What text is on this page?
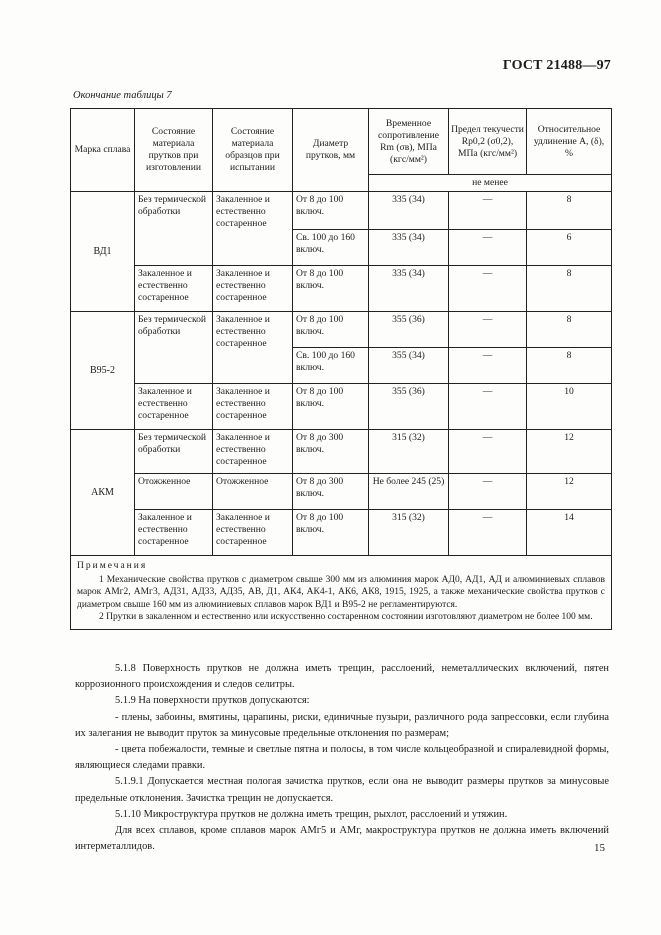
ГОСТ 21488—97
Окончание таблицы 7
Марка сплава	Состояние материала прутков при изготовлении	Состояние материала образцов при испытании	Диаметр прутков, мм	Временное сопротивление Rm (σв), МПа (кгс/мм²)	Предел текучести Rp0,2 (σ0,2), МПа (кгс/мм²)	Относительное удлинение A, (δ), %
				не менее		
ВД1	Без термической обработки	Закаленное и естественно состаренное	От 8 до 100 включ.	335 (34)	—	8
			Св. 100 до 160 включ.	335 (34)	—	6
	Закаленное и естественно состаренное	Закаленное и естественно состаренное	От 8 до 100 включ.	335 (34)	—	8
В95-2	Без термической обработки	Закаленное и естественно состаренное	От 8 до 100 включ.	355 (36)	—	8
			Св. 100 до 160 включ.	355 (34)	—	8
	Закаленное и естественно состаренное	Закаленное и естественно состаренное	От 8 до 100 включ.	355 (36)	—	10
АКМ	Без термической обработки	Закаленное и естественно состаренное	От 8 до 300 включ.	315 (32)	—	12
	Отожженное	Отожженное	От 8 до 300 включ.	Не более 245 (25)	—	12
	Закаленное и естественно состаренное	Закаленное и естественно состаренное	От 8 до 100 включ.	315 (32)	—	14

Примечания
1 Механические свойства прутков с диаметром свыше 300 мм из алюминия марок АД0, АД1, АД и алюминиевых сплавов марок АМг2, АМг3, АД31, АД33, АД35, АВ, Д1, АК4, АК4-1, АК6, АК8, 1915, 1925, а также механические свойства прутков с диаметром свыше 160 мм из алюминиевых сплавов марок ВД1 и В95-2 не регламентируются.
2 Прутки в закаленном и естественно или искусственно состаренном состоянии изготовляют диаметром не более 100 мм.						

5.1.8 Поверхность прутков не должна иметь трещин, расслоений, неметаллических включений, пятен коррозионного происхождения и следов селитры.

5.1.9 На поверхности прутков допускаются:

- плены, забоины, вмятины, царапины, риски, единичные пузыри, различного рода запрессовки, если глубина их залегания не выводит пруток за минусовые предельные отклонения по размерам;

- цвета побежалости, темные и светлые пятна и полосы, в том числе кольцеобразной и спиралевидной формы, являющиеся следами правки.

5.1.9.1 Допускается местная пологая зачистка прутков, если она не выводит размеры прутков за минусовые предельные отклонения. Зачистка трещин не допускается.

5.1.10 Микроструктура прутков не должна иметь трещин, рыхлот, расслоений и утяжин.

Для всех сплавов, кроме сплавов марок АМг5 и АМг, макроструктура прутков не должна иметь включений интерметаллидов.	15
